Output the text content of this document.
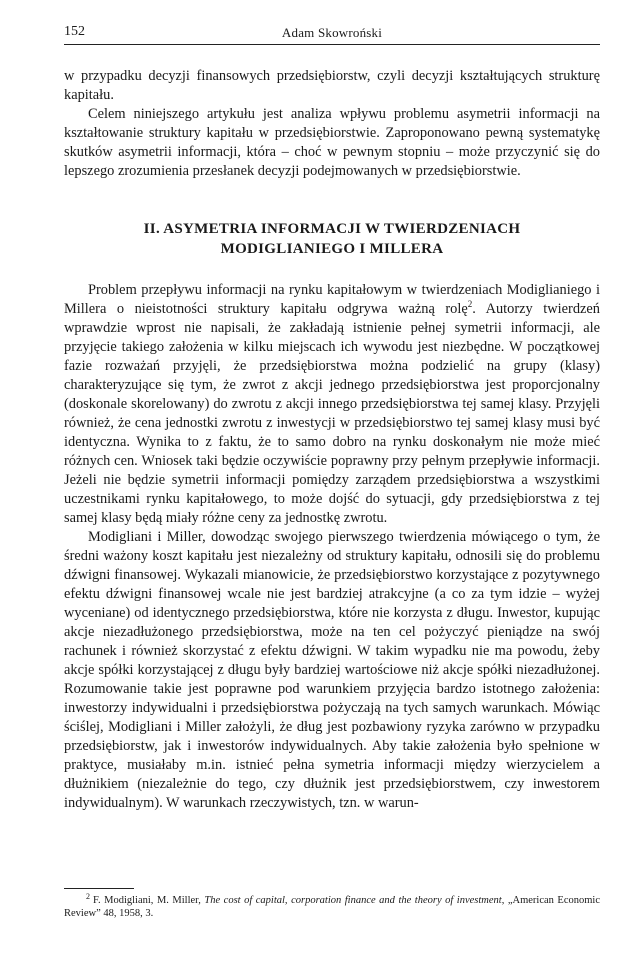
152	Adam Skowroński

w przypadku decyzji finansowych przedsiębiorstw, czyli decyzji kształtujących strukturę kapitału.

Celem niniejszego artykułu jest analiza wpływu problemu asymetrii informacji na kształtowanie struktury kapitału w przedsiębiorstwie. Zaproponowano pewną systematykę skutków asymetrii informacji, która – choć w pewnym stopniu – może przyczynić się do lepszego zrozumienia przesłanek decyzji podejmowanych w przedsiębiorstwie.

II. ASYMETRIA INFORMACJI W TWIERDZENIACH MODIGLIANIEGO I MILLERA

Problem przepływu informacji na rynku kapitałowym w twierdzeniach Modiglianiego i Millera o nieistotności struktury kapitału odgrywa ważną rolę$^2$. Autorzy twierdzeń wprawdzie wprost nie napisali, że zakładają istnienie pełnej symetrii informacji, ale przyjęcie takiego założenia w kilku miejscach ich wywodu jest niezbędne. W początkowej fazie rozważań przyjęli, że przedsiębiorstwa można podzielić na grupy (klasy) charakteryzujące się tym, że zwrot z akcji jednego przedsiębiorstwa jest proporcjonalny (doskonale skorelowany) do zwrotu z akcji innego przedsiębiorstwa tej samej klasy. Przyjęli również, że cena jednostki zwrotu z inwestycji w przedsiębiorstwo tej samej klasy musi być identyczna. Wynika to z faktu, że to samo dobro na rynku doskonałym nie może mieć różnych cen. Wniosek taki będzie oczywiście poprawny przy pełnym przepływie informacji. Jeżeli nie będzie symetrii informacji pomiędzy zarządem przedsiębiorstwa a wszystkimi uczestnikami rynku kapitałowego, to może dojść do sytuacji, gdy przedsiębiorstwa z tej samej klasy będą miały różne ceny za jednostkę zwrotu.

Modigliani i Miller, dowodząc swojego pierwszego twierdzenia mówiącego o tym, że średni ważony koszt kapitału jest niezależny od struktury kapitału, odnosili się do problemu dźwigni finansowej. Wykazali mianowicie, że przedsiębiorstwo korzystające z pozytywnego efektu dźwigni finansowej wcale nie jest bardziej atrakcyjne (a co za tym idzie – wyżej wyceniane) od identycznego przedsiębiorstwa, które nie korzysta z długu. Inwestor, kupując akcje niezadłużonego przedsiębiorstwa, może na ten cel pożyczyć pieniądze na swój rachunek i również skorzystać z efektu dźwigni. W takim wypadku nie ma powodu, żeby akcje spółki korzystającej z długu były bardziej wartościowe niż akcje spółki niezadłużonej. Rozumowanie takie jest poprawne pod warunkiem przyjęcia bardzo istotnego założenia: inwestorzy indywidualni i przedsiębiorstwa pożyczają na tych samych warunkach. Mówiąc ściślej, Modigliani i Miller założyli, że dług jest pozbawiony ryzyka zarówno w przypadku przedsiębiorstw, jak i inwestorów indywidualnych. Aby takie założenia było spełnione w praktyce, musiałaby m.in. istnieć pełna symetria informacji między wierzycielem a dłużnikiem (niezależnie do tego, czy dłużnik jest przedsiębiorstwem, czy inwestorem indywidualnym). W warunkach rzeczywistych, tzn. w warun-

$^2$ F. Modigliani, M. Miller, The cost of capital, corporation finance and the theory of investment, „American Economic Review” 48, 1958, 3.
